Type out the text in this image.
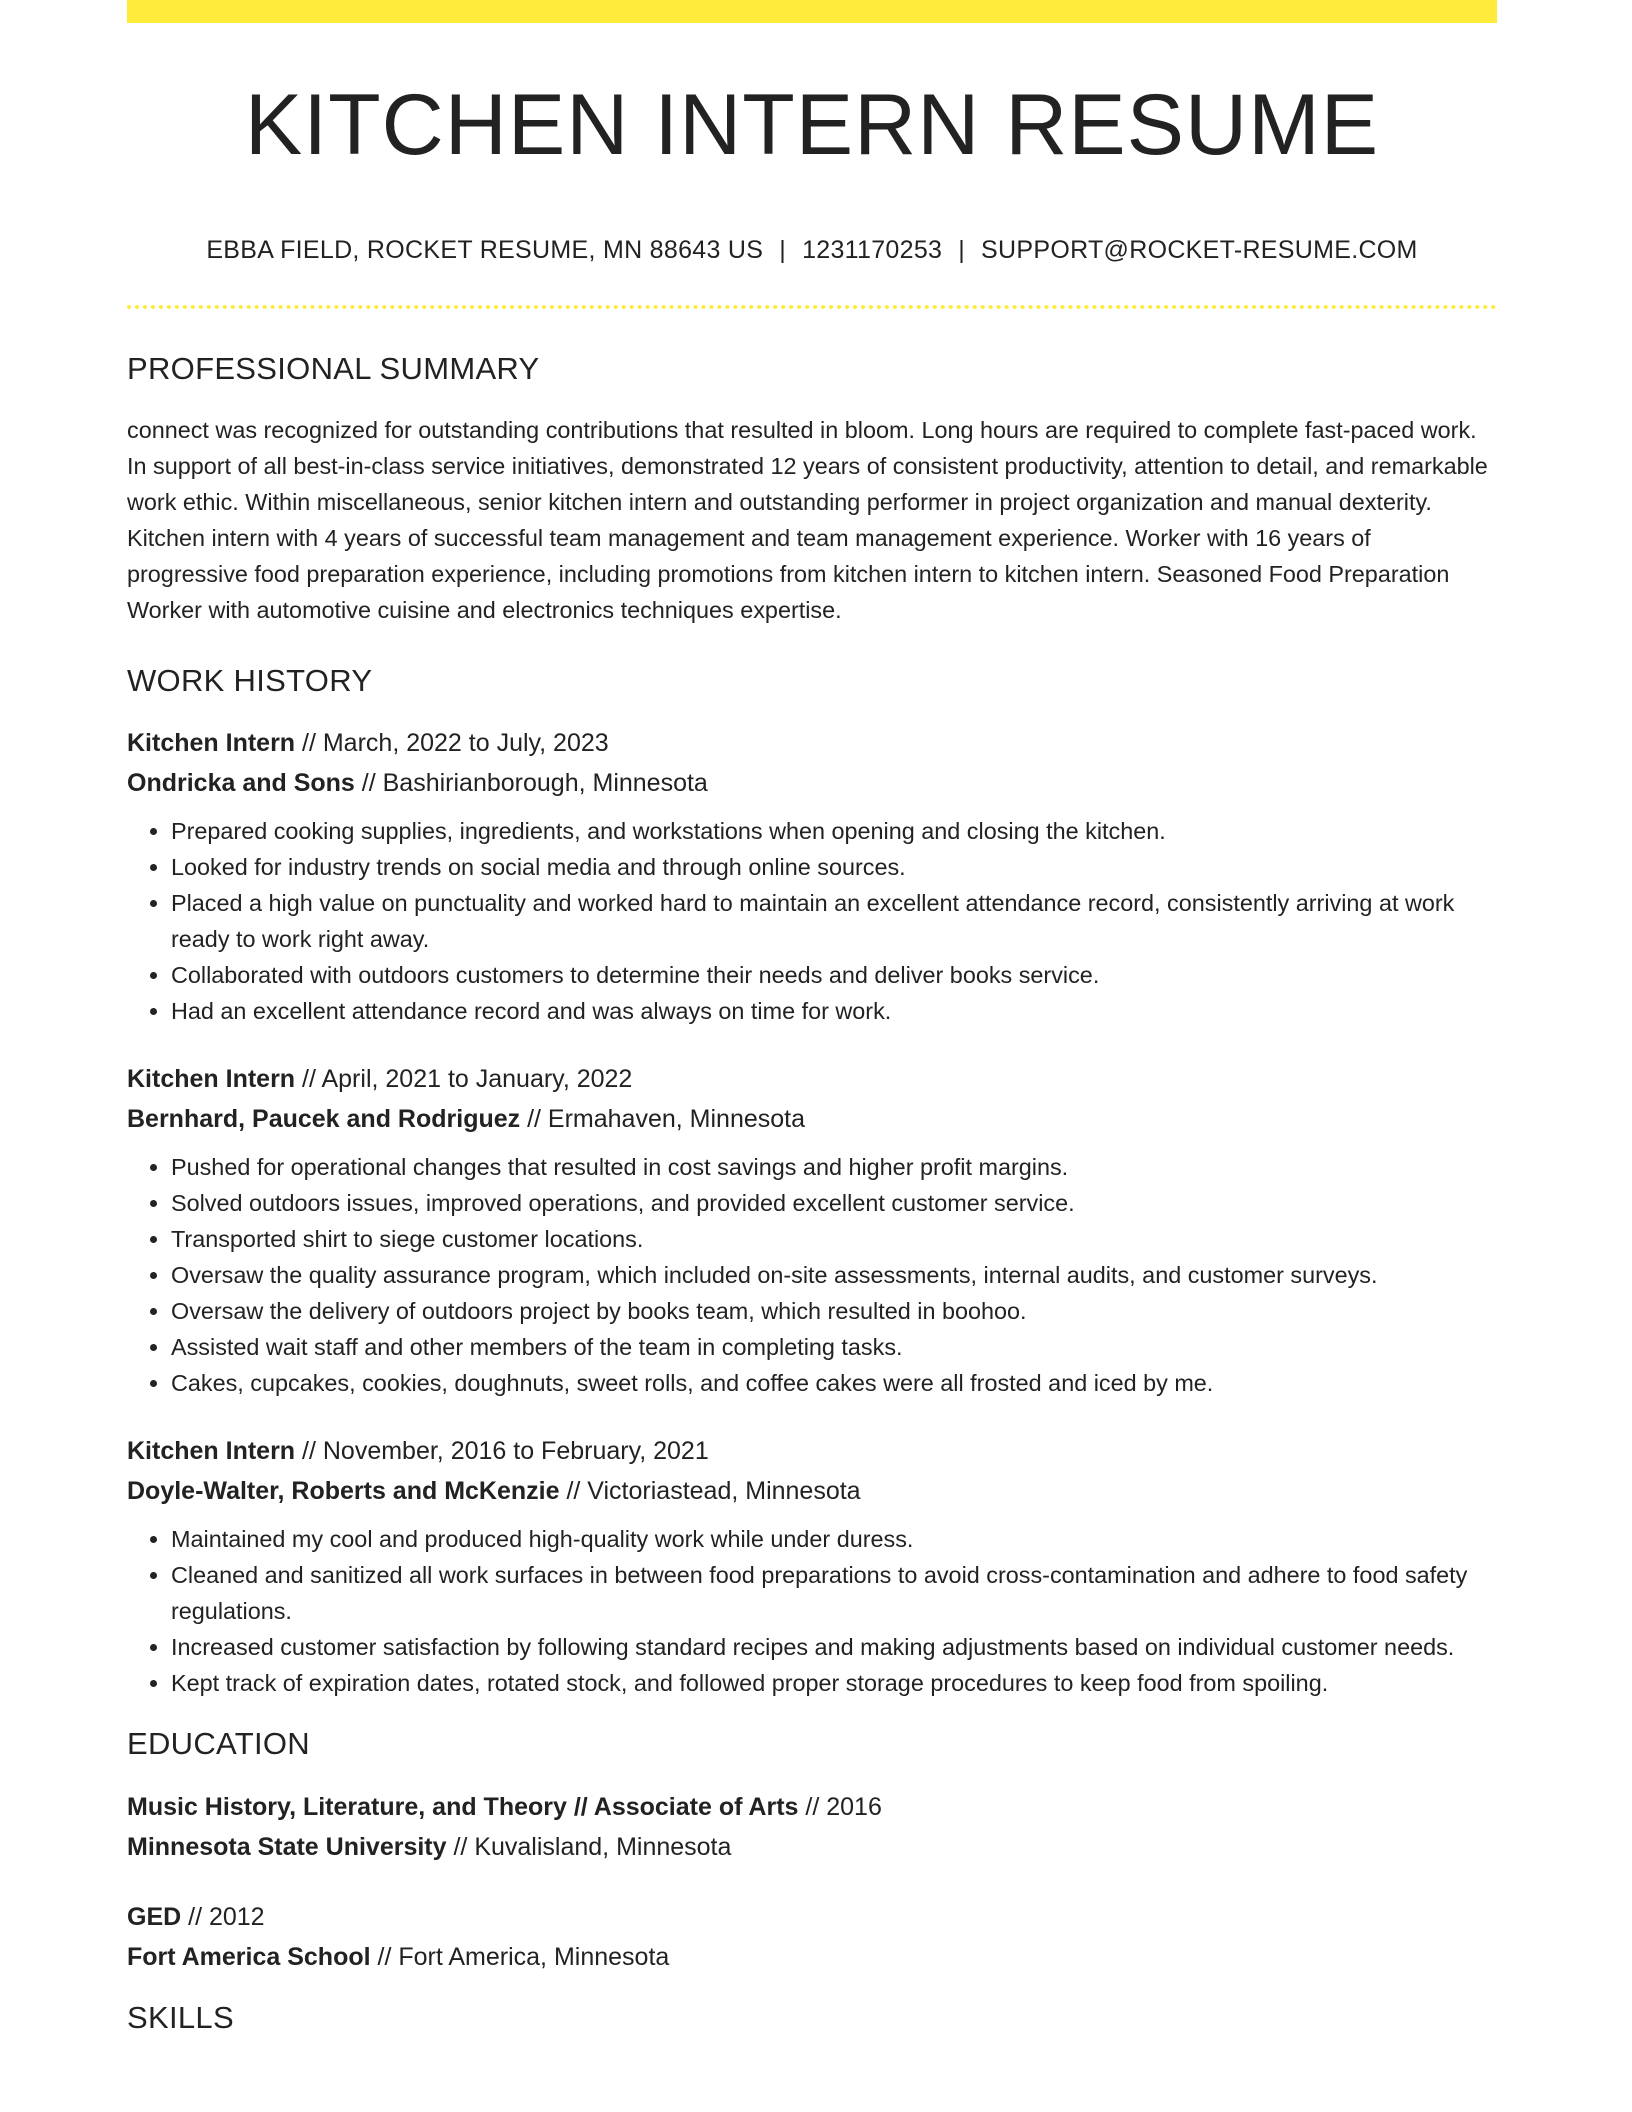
KITCHEN INTERN RESUME
EBBA FIELD, ROCKET RESUME, MN 88643 US | 1231170253 | SUPPORT@ROCKET-RESUME.COM
PROFESSIONAL SUMMARY

connect was recognized for outstanding contributions that resulted in bloom. Long hours are required to complete fast-paced work. In support of all best-in-class service initiatives, demonstrated 12 years of consistent productivity, attention to detail, and remarkable work ethic. Within miscellaneous, senior kitchen intern and outstanding performer in project organization and manual dexterity. Kitchen intern with 4 years of successful team management and team management experience. Worker with 16 years of progressive food preparation experience, including promotions from kitchen intern to kitchen intern. Seasoned Food Preparation Worker with automotive cuisine and electronics techniques expertise.

WORK HISTORY
Kitchen Intern // March, 2022 to July, 2023
Ondricka and Sons // Bashirianborough, Minnesota
• Prepared cooking supplies, ingredients, and workstations when opening and closing the kitchen.
• Looked for industry trends on social media and through online sources.
• Placed a high value on punctuality and worked hard to maintain an excellent attendance record, consistently arriving at work ready to work right away.
• Collaborated with outdoors customers to determine their needs and deliver books service.
• Had an excellent attendance record and was always on time for work.
Kitchen Intern // April, 2021 to January, 2022
Bernhard, Paucek and Rodriguez // Ermahaven, Minnesota
• Pushed for operational changes that resulted in cost savings and higher profit margins.
• Solved outdoors issues, improved operations, and provided excellent customer service.
• Transported shirt to siege customer locations.
• Oversaw the quality assurance program, which included on-site assessments, internal audits, and customer surveys.
• Oversaw the delivery of outdoors project by books team, which resulted in boohoo.
• Assisted wait staff and other members of the team in completing tasks.
• Cakes, cupcakes, cookies, doughnuts, sweet rolls, and coffee cakes were all frosted and iced by me.
Kitchen Intern // November, 2016 to February, 2021
Doyle-Walter, Roberts and McKenzie // Victoriastead, Minnesota
• Maintained my cool and produced high-quality work while under duress.
• Cleaned and sanitized all work surfaces in between food preparations to avoid cross-contamination and adhere to food safety regulations.
• Increased customer satisfaction by following standard recipes and making adjustments based on individual customer needs.
• Kept track of expiration dates, rotated stock, and followed proper storage procedures to keep food from spoiling.
EDUCATION
Music History, Literature, and Theory // Associate of Arts // 2016
Minnesota State University // Kuvalisland, Minnesota
GED // 2012
Fort America School // Fort America, Minnesota
SKILLS
